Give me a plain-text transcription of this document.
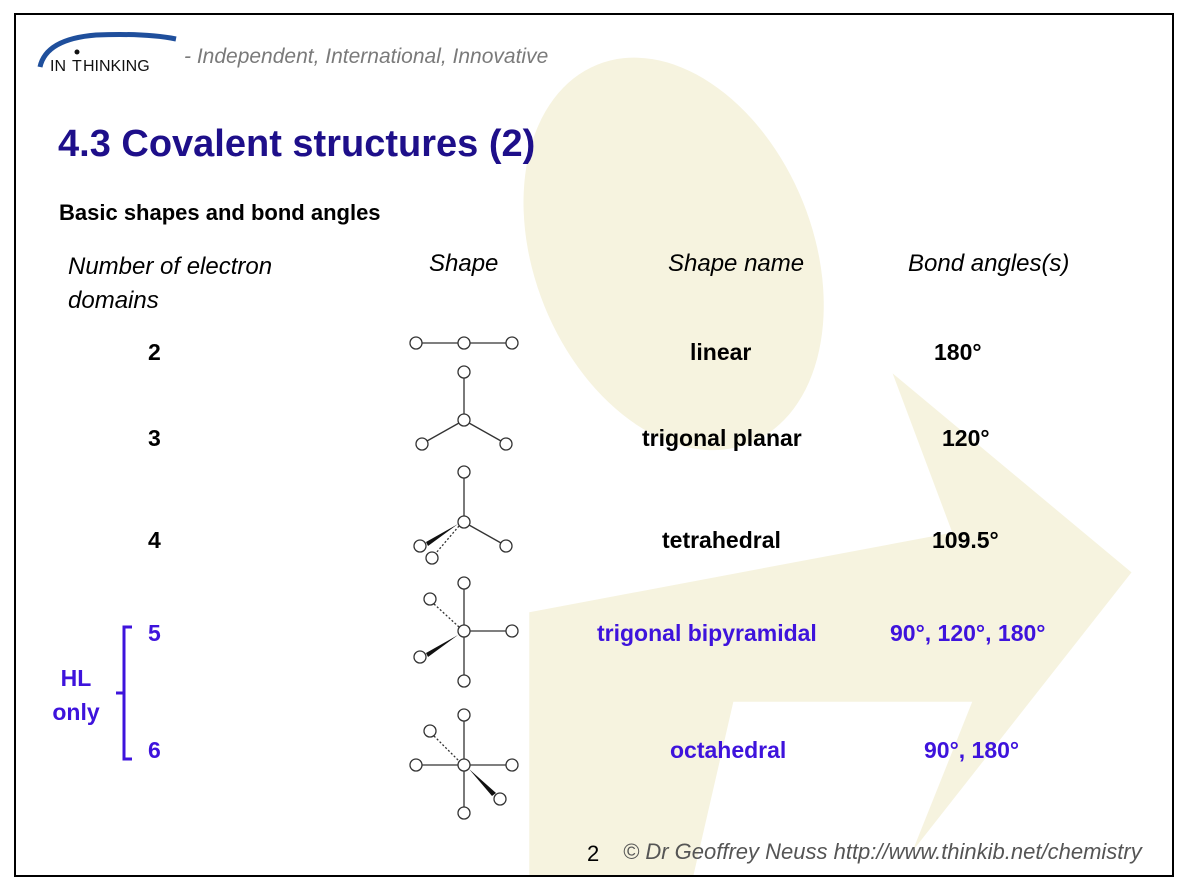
IN T HINKING - Independent, International, Innovative
4.3 Covalent structures (2)
Basic shapes and bond angles
Number of electron domains
Shape	Shape name	Bond angles(s)
2	linear	180°
3	trigonal planar	120°
4	tetrahedral	109.5°
5	trigonal bipyramidal	90°, 120°, 180°
6	octahedral	90°, 180°
HL only
2 © Dr Geoffrey Neuss http://www.thinkib.net/chemistry
